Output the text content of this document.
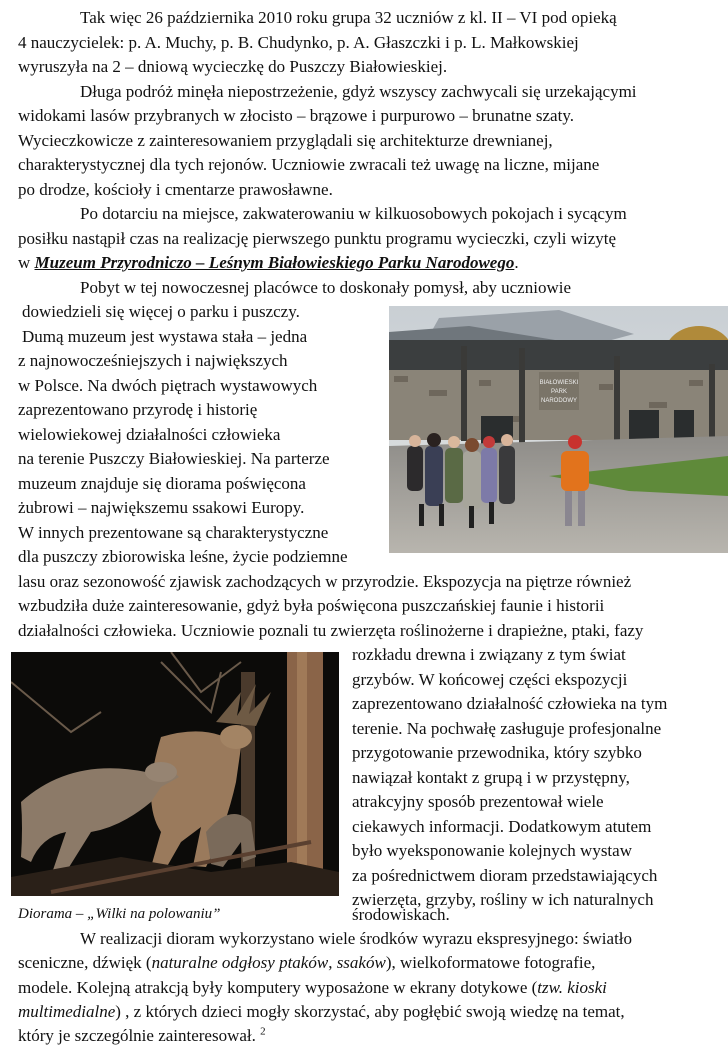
Tak więc 26 października 2010 roku grupa 32 uczniów z kl. II – VI pod opieką
4 nauczycielek: p. A. Muchy, p. B. Chudynko, p. A. Głaszczki i p. L. Małkowskiej
wyruszyła na 2 – dniową wycieczkę do Puszczy Białowieskiej.
Długa podróż minęła niepostrzeżenie, gdyż wszyscy zachwycali się urzekającymi
widokami lasów przybranych w złocisto – brązowe i purpurowo – brunatne szaty.
Wycieczkowicze z zainteresowaniem przyglądali się architekturze drewnianej,
charakterystycznej dla tych rejonów. Uczniowie zwracali też uwagę na liczne, mijane
po drodze, kościoły i cmentarze prawosławne.
Po dotarciu na miejsce, zakwaterowaniu w kilkuosobowych pokojach i sycącym
posiłku nastąpił czas na realizację pierwszego punktu programu wycieczki, czyli wizytę
w Muzeum Przyrodniczo – Leśnym Białowieskiego Parku Narodowego.
Pobyt w tej nowoczesnej placówce to doskonały pomysł, aby uczniowie
dowiedzieli się więcej o parku i puszczy.
Dumą muzeum jest wystawa stała – jedna
z najnowocześniejszych i największych
w Polsce. Na dwóch piętrach wystawowych
zaprezentowano przyrodę i historię
wielowiekowej działalności człowieka
na terenie Puszczy Białowieskiej. Na parterze
muzeum znajduje się diorama poświęcona
żubrowi – największemu ssakowi Europy.
W innych prezentowane są charakterystyczne
dla puszczy zbiorowiska leśne, życie podziemne
lasu oraz sezonowość zjawisk zachodzących w przyrodzie. Ekspozycja na piętrze również
wzbudziła duże zainteresowanie, gdyż była poświęcona puszczańskiej faunie i historii
działalności człowieka. Uczniowie poznali tu zwierzęta roślinożerne i drapieżne, ptaki, fazy
rozkładu drewna i związany z tym świat
grzybów. W końcowej części ekspozycji
zaprezentowano działalność człowieka na tym
terenie. Na pochwałę zasługuje profesjonalne
przygotowanie przewodnika, który szybko
nawiązał kontakt z grupą i w przystępny,
atrakcyjny sposób prezentował wiele
ciekawych informacji. Dodatkowym atutem
było wyeksponowanie kolejnych wystaw
za pośrednictwem dioram przedstawiających
zwierzęta, grzyby, rośliny w ich naturalnych
środowiskach.
W realizacji dioram wykorzystano wiele środków wyrazu ekspresyjnego: światło
sceniczne, dźwięk (naturalne odgłosy ptaków, ssaków), wielkoformatowe fotografie,
modele. Kolejną atrakcją były komputery wyposażone w ekrany dotykowe (tzw. kioski
multimedialne) , z których dzieci mogły skorzystać, aby pogłębić swoją wiedzę na temat,
który je szczególnie zainteresował. $^2$
BIAŁOWIESKI
PARK
NARODOWY
Diorama – „Wilki na polowaniu”
